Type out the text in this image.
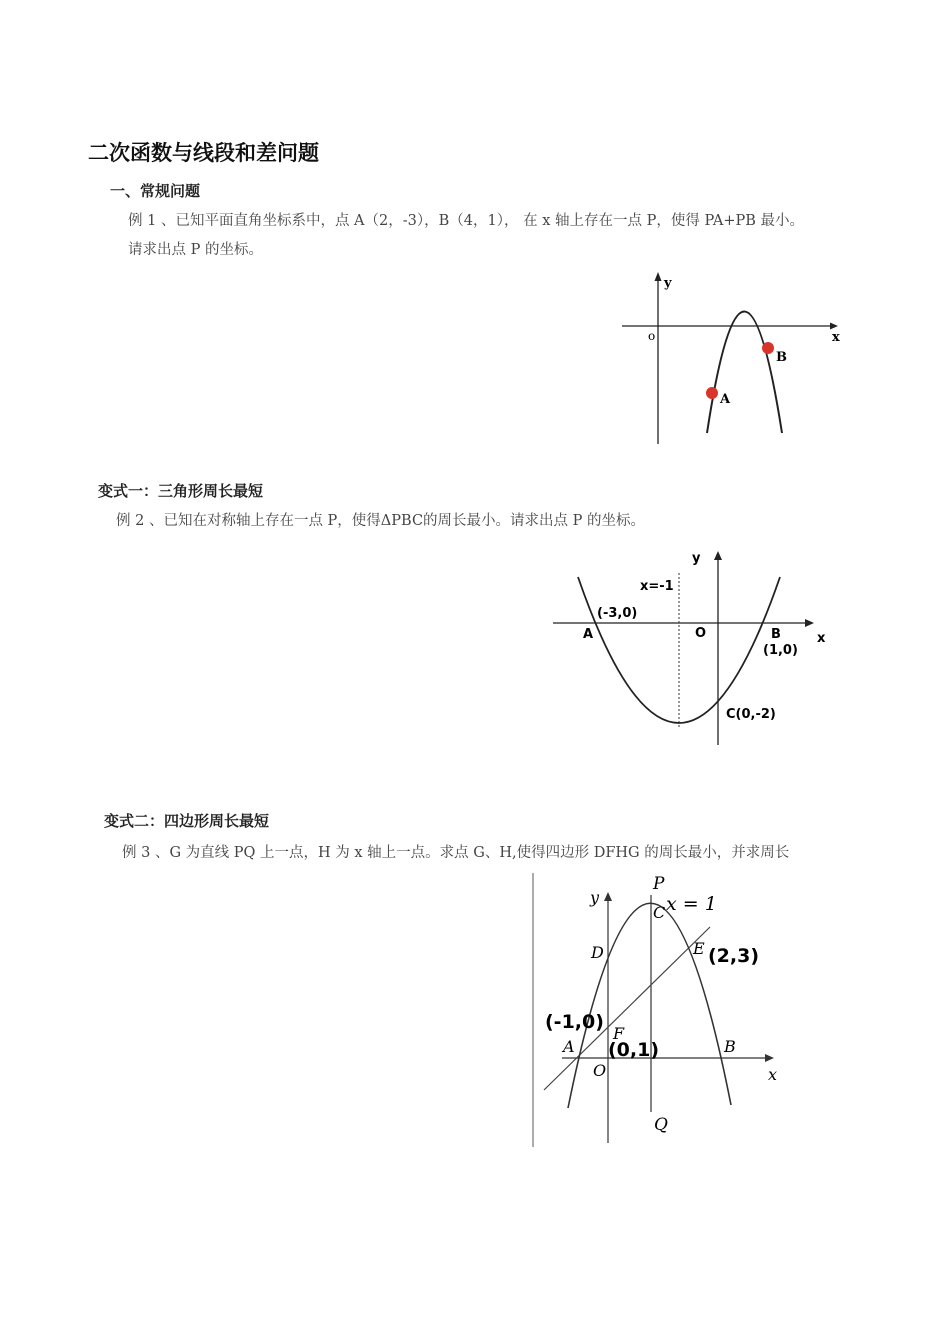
二次函数与线段和差问题
一、常规问题
例 1 、已知平面直角坐标系中，点 A（2，-3），B（4，1）， 在 x 轴上存在一点 P，使得 PA+PB 最小。
请求出点 P 的坐标。
y
x
o
B
A
变式一：三角形周长最短
例 2 、已知在对称轴上存在一点 P，使得ΔPBC的周长最小。请求出点 P 的坐标。
y
x
x=-1
(-3,0)
A	O	B
(1,0)
C(0,-2)
变式二：四边形周长最短
例 3 、G 为直线 PQ 上一点，H 为 x 轴上一点。求点 G、H,使得四边形 DFHG 的周长最小，并求周长
P
y
C x = 1
D	E (2,3)
(-1,0)
F
A (0,1)	B
O	x
Q
